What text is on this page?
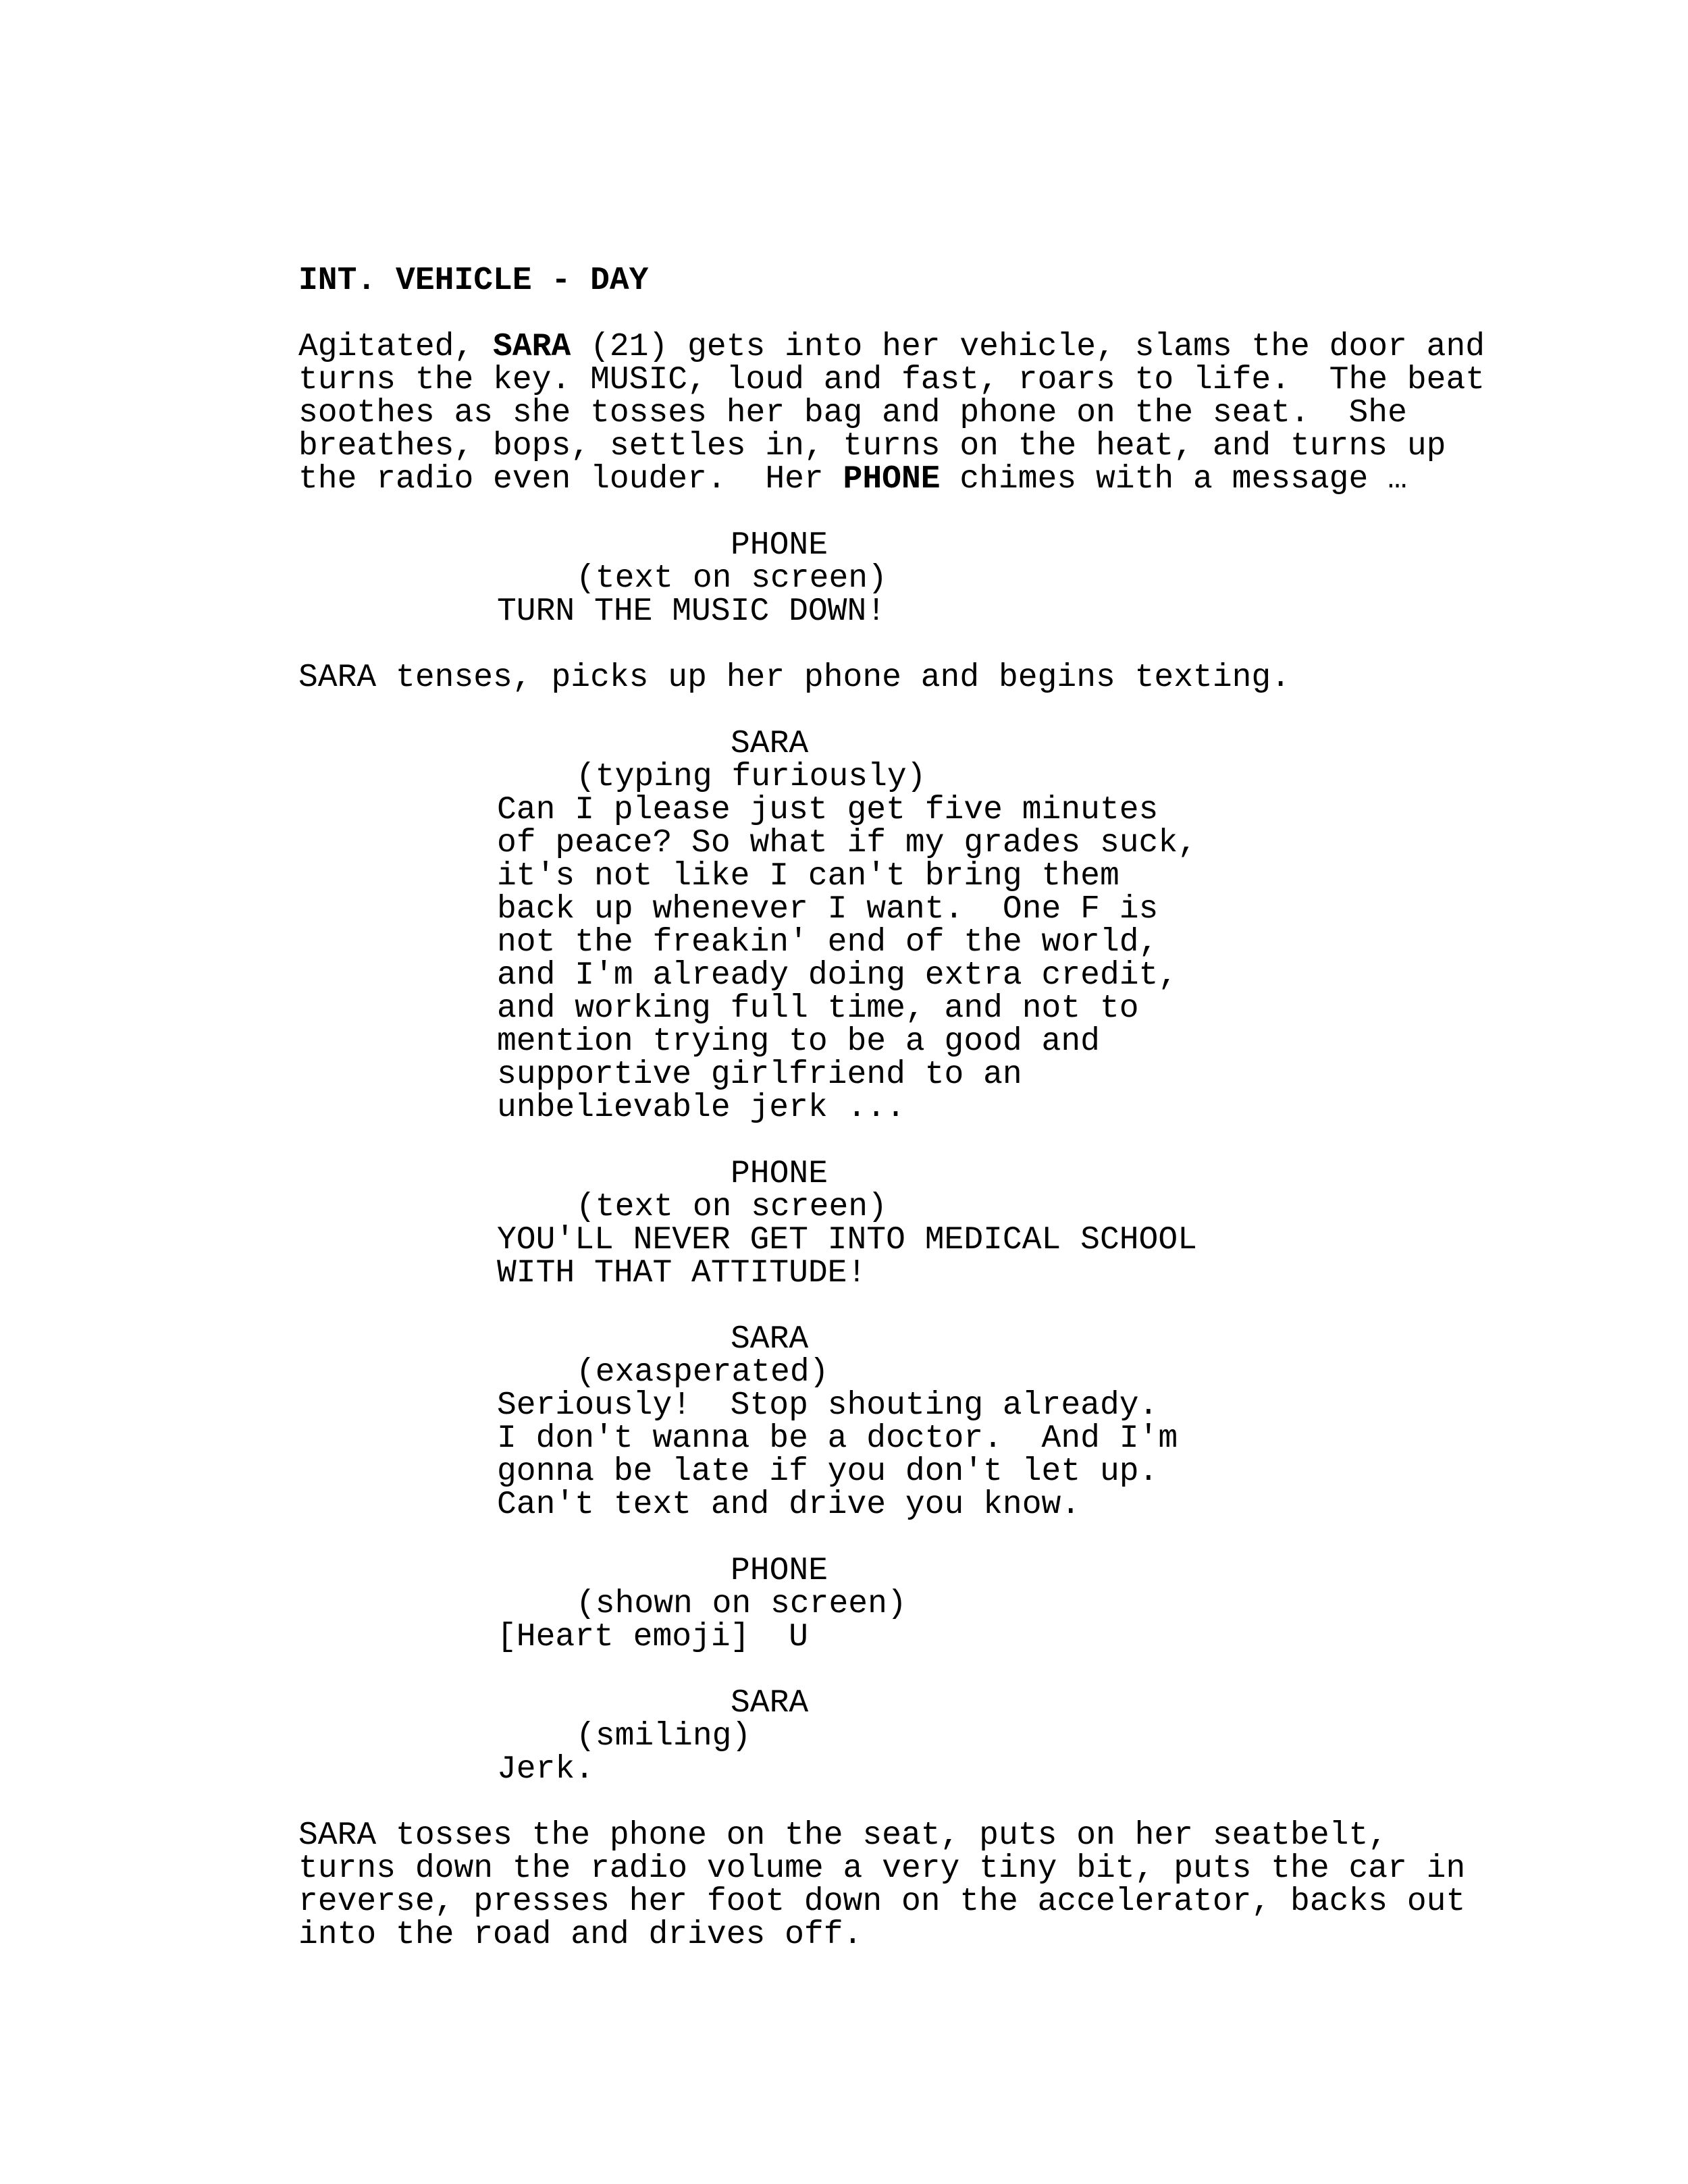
INT. VEHICLE - DAY
Agitated, SARA (21) gets into her vehicle, slams the door and
turns the key. MUSIC, loud and fast, roars to life.  The beat
soothes as she tosses her bag and phone on the seat.  She
breathes, bops, settles in, turns on the heat, and turns up
the radio even louder.  Her PHONE chimes with a message …
PHONE
(text on screen)
TURN THE MUSIC DOWN!
SARA tenses, picks up her phone and begins texting.
SARA
(typing furiously)
Can I please just get five minutes
of peace? So what if my grades suck,
it's not like I can't bring them
back up whenever I want.  One F is
not the freakin' end of the world,
and I'm already doing extra credit,
and working full time, and not to
mention trying to be a good and
supportive girlfriend to an
unbelievable jerk ...
PHONE
(text on screen)
YOU'LL NEVER GET INTO MEDICAL SCHOOL
WITH THAT ATTITUDE!
SARA
(exasperated)
Seriously!  Stop shouting already.
I don't wanna be a doctor.  And I'm
gonna be late if you don't let up.
Can't text and drive you know.
PHONE
(shown on screen)
[Heart emoji]  U
SARA
(smiling)
Jerk.
SARA tosses the phone on the seat, puts on her seatbelt,
turns down the radio volume a very tiny bit, puts the car in
reverse, presses her foot down on the accelerator, backs out
into the road and drives off.
